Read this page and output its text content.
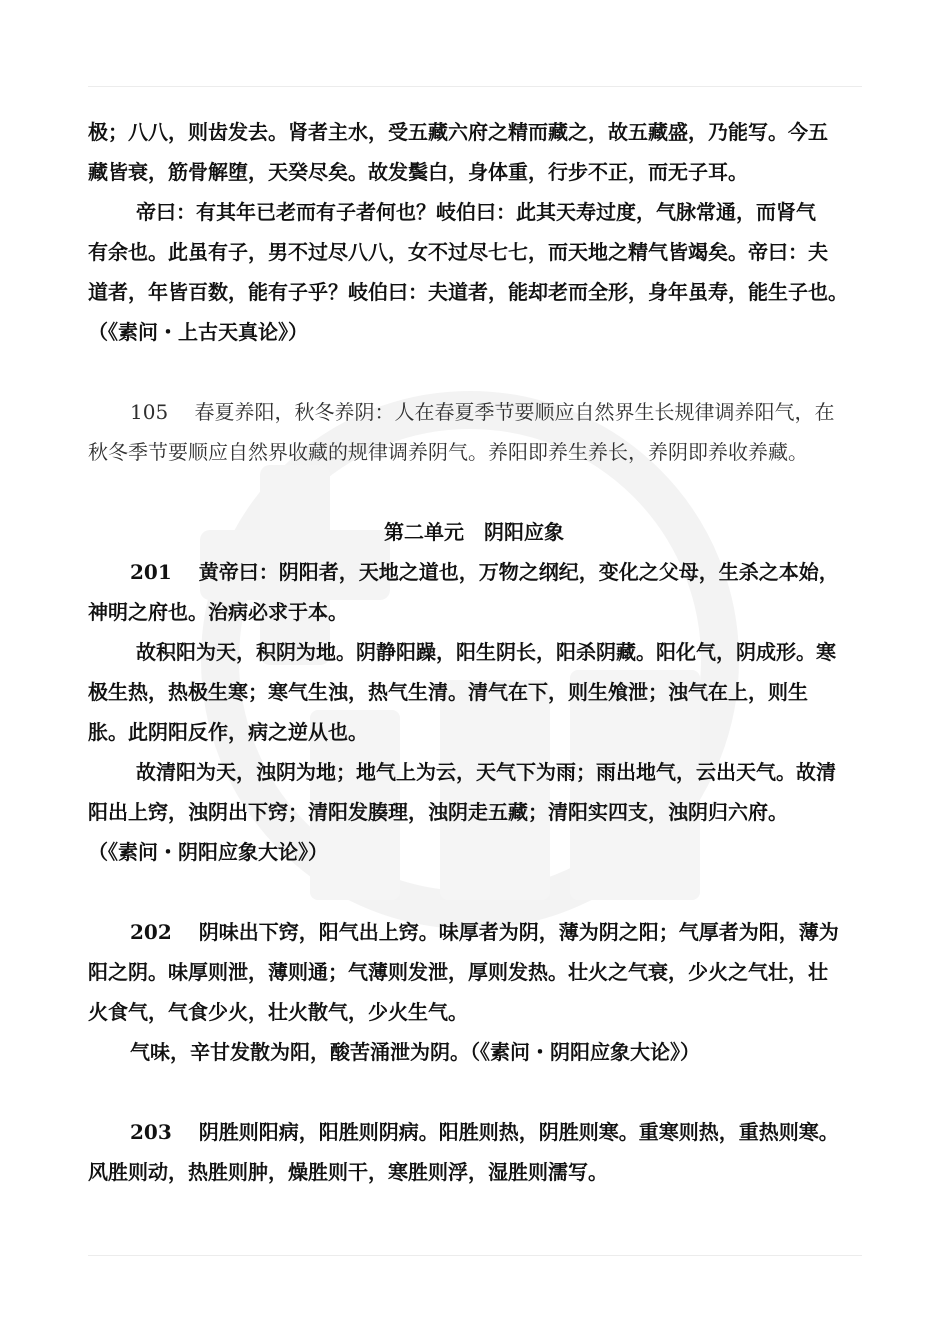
极；八八，则齿发去。肾者主水，受五藏六府之精而藏之，故五藏盛，乃能写。今五

藏皆衰，筋骨解堕，天癸尽矣。故发鬓白，身体重，行步不正，而无子耳。

帝曰：有其年已老而有子者何也？岐伯曰：此其天寿过度，气脉常通，而肾气

有余也。此虽有子，男不过尽八八，女不过尽七七，而天地之精气皆竭矣。帝曰：夫

道者，年皆百数，能有子乎？岐伯曰：夫道者，能却老而全形，身年虽寿，能生子也。

（《素问・上古天真论》）

105　 春夏养阳，秋冬养阴：人在春夏季节要顺应自然界生长规律调养阳气，在

秋冬季节要顺应自然界收藏的规律调养阴气。养阳即养生养长，养阴即养收养藏。

第二单元　阴阳应象

201　 黄帝曰：阴阳者，天地之道也，万物之纲纪，变化之父母，生杀之本始，

神明之府也。治病必求于本。

故积阳为天，积阴为地。阴静阳躁，阳生阴长，阳杀阴藏。阳化气，阴成形。寒

极生热，热极生寒；寒气生浊，热气生清。清气在下，则生飧泄；浊气在上，则生

胀。此阴阳反作，病之逆从也。

故清阳为天，浊阴为地；地气上为云，天气下为雨；雨出地气，云出天气。故清

阳出上窍，浊阴出下窍；清阳发腠理，浊阴走五藏；清阳实四支，浊阴归六府。

（《素问・阴阳应象大论》）

202　 阴味出下窍，阳气出上窍。味厚者为阴，薄为阴之阳；气厚者为阳，薄为

阳之阴。味厚则泄，薄则通；气薄则发泄，厚则发热。壮火之气衰，少火之气壮，壮

火食气，气食少火，壮火散气，少火生气。

气味，辛甘发散为阳，酸苦涌泄为阴。（《素问・阴阳应象大论》）

203　 阴胜则阳病，阳胜则阴病。阳胜则热，阴胜则寒。重寒则热，重热则寒。

风胜则动，热胜则肿，燥胜则干，寒胜则浮，湿胜则濡写。
